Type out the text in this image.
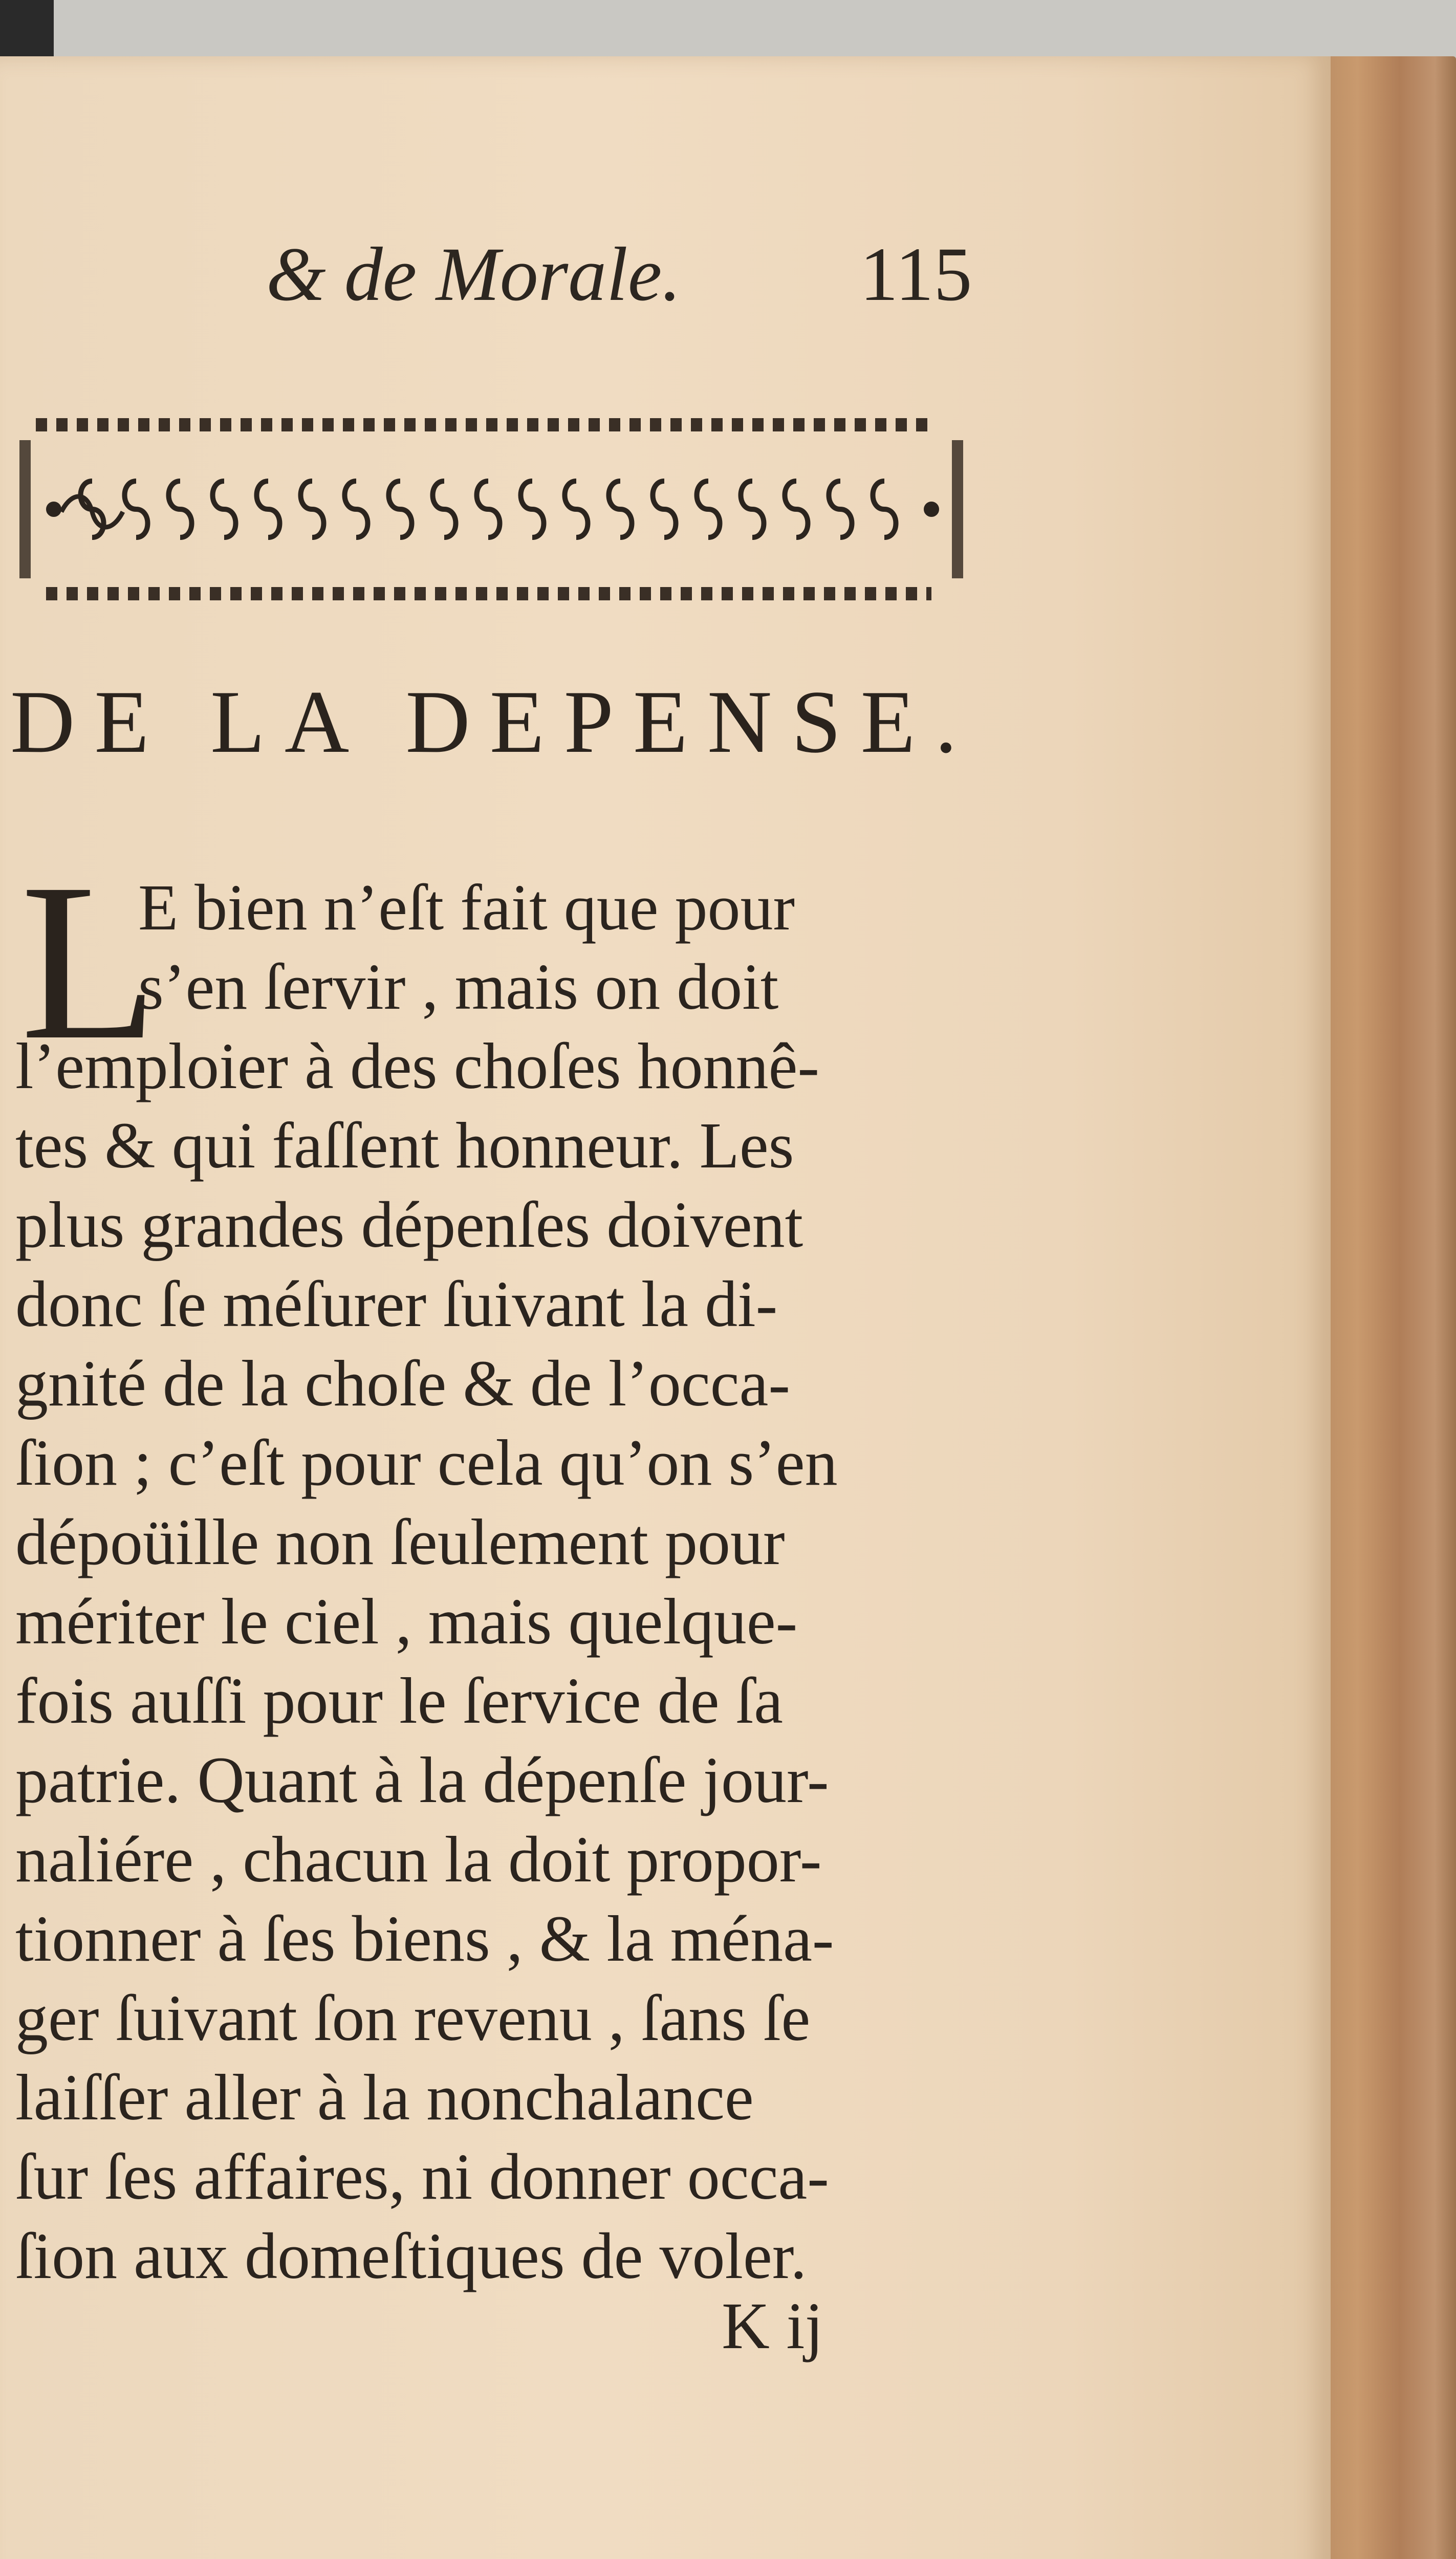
& de Morale. 115
DE LA DEPENSE.
L
E bien n’eſt fait que pour
s’en ſervir , mais on doit
l’emploier à des choſes honnê-
tes & qui faſſent honneur. Les
plus grandes dépenſes doivent
donc ſe méſurer ſuivant la di-
gnité de la choſe & de l’occa-
ſion ; c’eſt pour cela qu’on s’en
dépoüille non ſeulement pour
mériter le ciel , mais quelque-
fois auſſi pour le ſervice de ſa
patrie. Quant à la dépenſe jour-
naliére , chacun la doit propor-
tionner à ſes biens , & la ména-
ger ſuivant ſon revenu , ſans ſe
laiſſer aller à la nonchalance
ſur ſes affaires, ni donner occa-
ſion aux domeſtiques de voler.
K ij
